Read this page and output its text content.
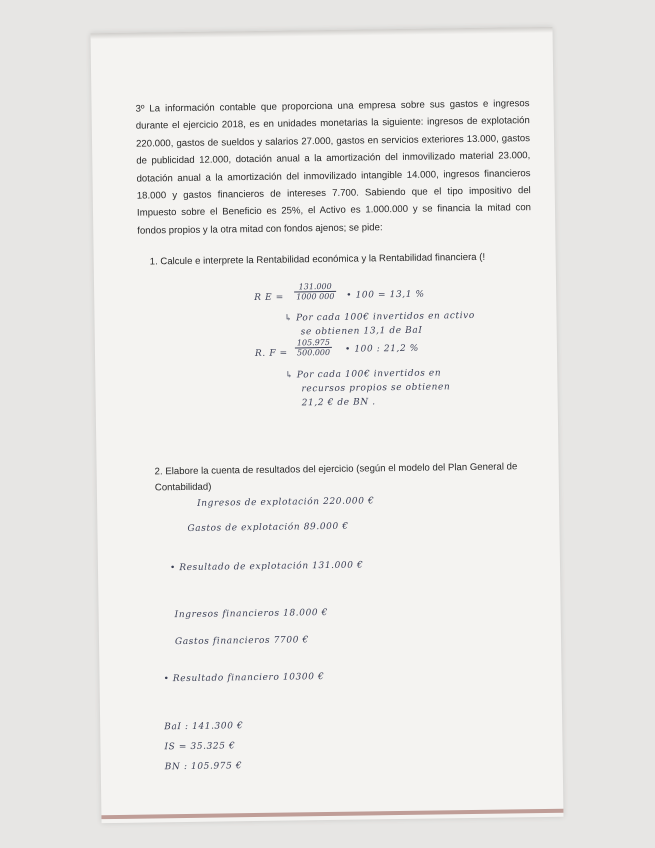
3º La información contable que proporciona una empresa sobre sus gastos e ingresos durante el ejercicio 2018, es en unidades monetarias la siguiente: ingresos de explotación 220.000, gastos de sueldos y salarios 27.000, gastos en servicios exteriores 13.000, gastos de publicidad 12.000, dotación anual a la amortización del inmovilizado material 23.000, dotación anual a la amortización del inmovilizado intangible 14.000, ingresos financieros 18.000 y gastos financieros de intereses 7.700. Sabiendo que el tipo impositivo del Impuesto sobre el Beneficio es 25%, el Activo es 1.000.000 y se financia la mitad con fondos propios y la otra mitad con fondos ajenos; se pide:

1. Calcule e interprete la Rentabilidad económica y la Rentabilidad financiera (!

R $E = \frac{131.000}{1000 000}$ • 100 = 13,1 %
↳ Por cada 100€ invertidos en activo
se obtienen 13,1 de BaI
R. $F = \frac{105.975}{500.000}$ • 100 : 21,2 %
↳ Por cada 100€ invertidos en
recursos propios se obtienen
21,2 € de BN .

2. Elabore la cuenta de resultados del ejercicio (según el modelo del Plan General de Contabilidad)

Ingresos de explotación 220.000 €
Gastos de explotación 89.000 €
• Resultado de explotación 131.000 €
Ingresos financieros 18.000 €
Gastos financieros 7700 €
• Resultado financiero 10300 €
BaI : 141.300 €
IS = 35.325 €
BN : 105.975 €
